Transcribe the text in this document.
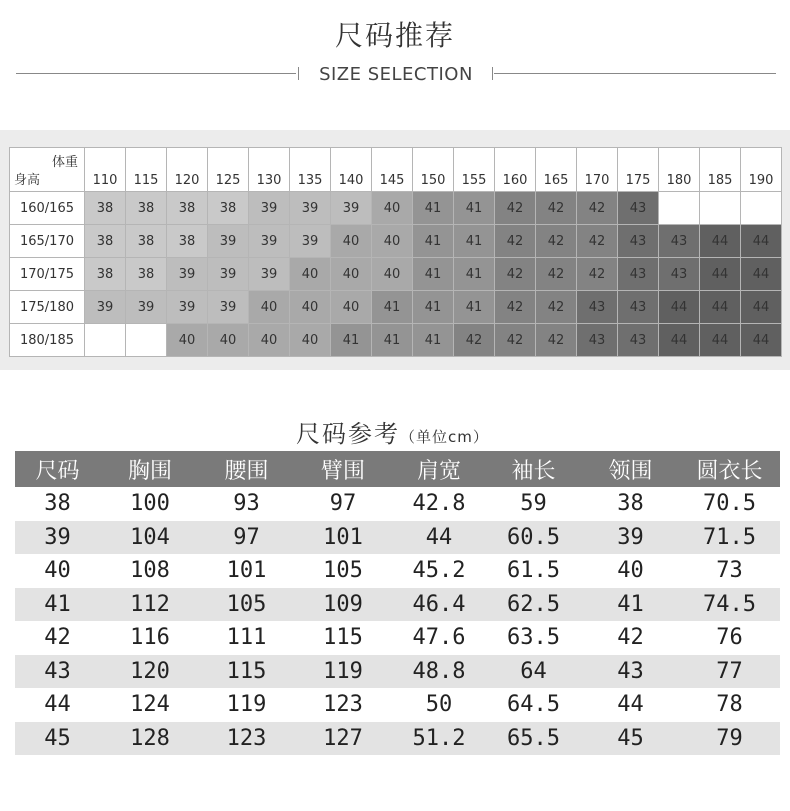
尺码推荐
SIZE SELECTION
体重
身高	110	115	120	125	130	135	140	145	150	155	160	165	170	175	180	185	190
160/165	38	38	38	38	39	39	39	40	41	41	42	42	42	43			
165/170	38	38	38	39	39	39	40	40	41	41	42	42	42	43	43	44	44
170/175	38	38	39	39	39	40	40	40	41	41	42	42	42	43	43	44	44
175/180	39	39	39	39	40	40	40	41	41	41	42	42	43	43	44	44	44
180/185			40	40	40	40	41	41	41	42	42	42	43	43	44	44	44
尺码参考（单位cm）
尺码	胸围	腰围	臂围	肩宽	袖长	领围	圆衣长
38	100	93	97	42.8	59	38	70.5
39	104	97	101	44	60.5	39	71.5
40	108	101	105	45.2	61.5	40	73
41	112	105	109	46.4	62.5	41	74.5
42	116	111	115	47.6	63.5	42	76
43	120	115	119	48.8	64	43	77
44	124	119	123	50	64.5	44	78
45	128	123	127	51.2	65.5	45	79
